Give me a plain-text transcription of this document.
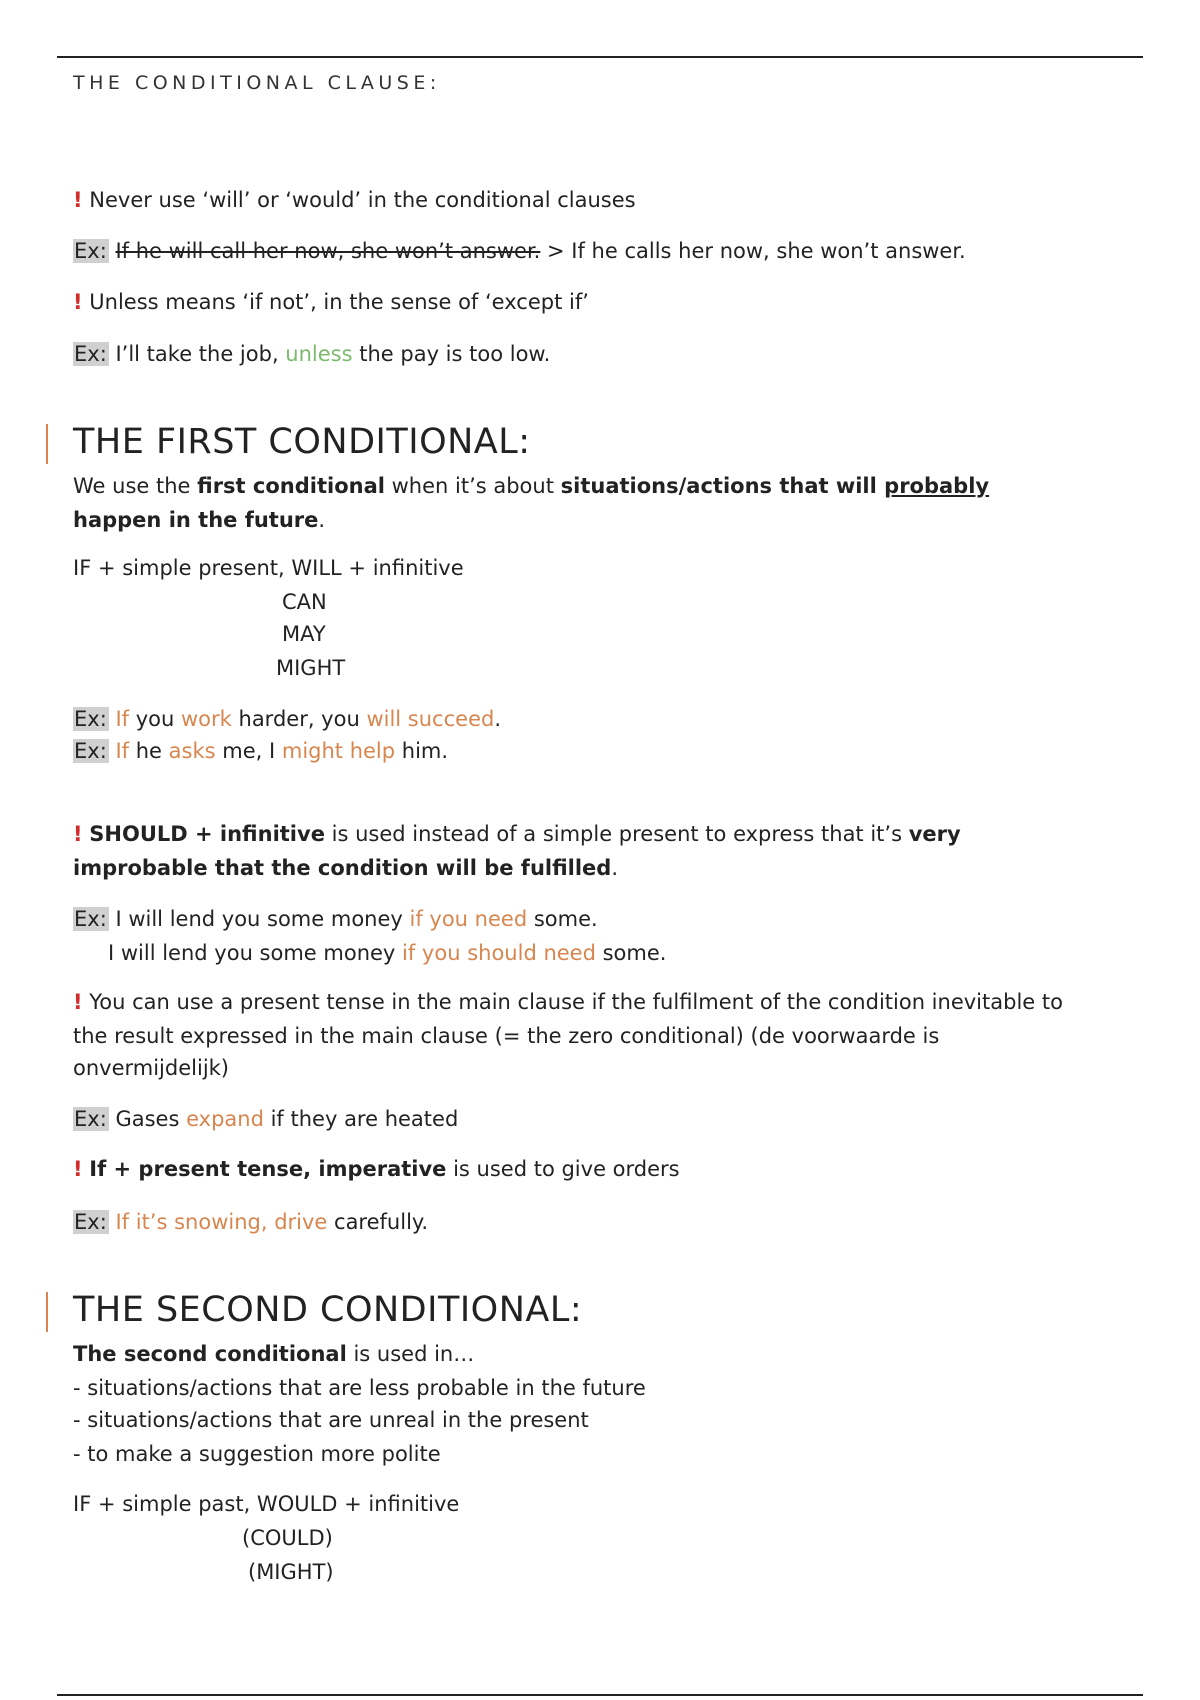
THE CONDITIONAL CLAUSE:
! Never use ‘will’ or ‘would’ in the conditional clauses
Ex: If he will call her now, she won’t answer. > If he calls her now, she won’t answer.
! Unless means ‘if not’, in the sense of ‘except if’
Ex: I’ll take the job, unless the pay is too low.
THE FIRST CONDITIONAL:
We use the first conditional when it’s about situations/actions that will probably
happen in the future.
IF + simple present, WILL + infinitive
CAN
MAY
MIGHT
Ex: If you work harder, you will succeed.
Ex: If he asks me, I might help him.
! SHOULD + infinitive is used instead of a simple present to express that it’s very
improbable that the condition will be fulfilled.
Ex: I will lend you some money if you need some.
I will lend you some money if you should need some.
! You can use a present tense in the main clause if the fulfilment of the condition inevitable to
the result expressed in the main clause (= the zero conditional) (de voorwaarde is
onvermijdelijk)
Ex: Gases expand if they are heated
! If + present tense, imperative is used to give orders
Ex: If it’s snowing, drive carefully.
THE SECOND CONDITIONAL:
The second conditional is used in…
- situations/actions that are less probable in the future
- situations/actions that are unreal in the present
- to make a suggestion more polite
IF + simple past, WOULD + infinitive
(COULD)
(MIGHT)
